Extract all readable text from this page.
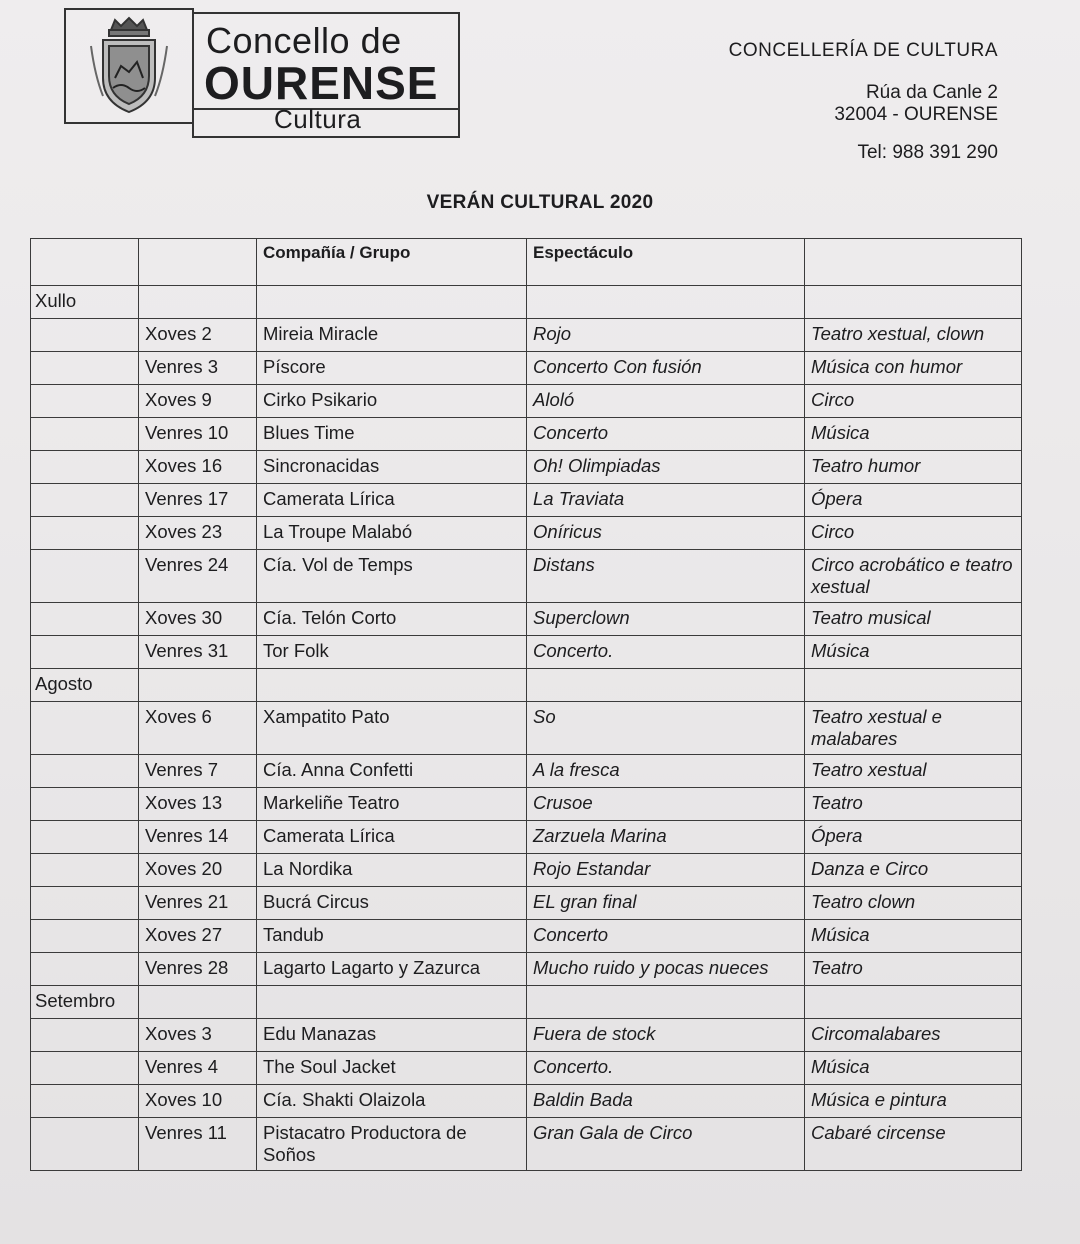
Concello de
OURENSE
Cultura
CONCELLERÍA DE CULTURA
Rúa da Canle 2
32004 - OURENSE
Tel: 988 391 290
VERÁN CULTURAL 2020
		Compañía / Grupo	Espectáculo	
Xullo				
	Xoves 2	Mireia Miracle	Rojo	Teatro xestual, clown
	Venres 3	Píscore	Concerto Con fusión	Música con humor
	Xoves 9	Cirko Psikario	Aloló	Circo
	Venres 10	Blues Time	Concerto	Música
	Xoves 16	Sincronacidas	Oh! Olimpiadas	Teatro humor
	Venres 17	Camerata Lírica	La Traviata	Ópera
	Xoves 23	La Troupe Malabó	Oníricus	Circo
	Venres 24	Cía. Vol de Temps	Distans	Circo acrobático e teatro xestual
	Xoves 30	Cía. Telón Corto	Superclown	Teatro musical
	Venres 31	Tor Folk	Concerto.	Música
Agosto				
	Xoves 6	Xampatito Pato	So	Teatro xestual e malabares
	Venres 7	Cía. Anna Confetti	A la fresca	Teatro xestual
	Xoves 13	Markeliñe Teatro	Crusoe	Teatro
	Venres 14	Camerata Lírica	Zarzuela Marina	Ópera
	Xoves 20	La Nordika	Rojo Estandar	Danza e Circo
	Venres 21	Bucrá Circus	EL gran final	Teatro clown
	Xoves 27	Tandub	Concerto	Música
	Venres 28	Lagarto Lagarto y Zazurca	Mucho ruido y pocas nueces	Teatro
Setembro				
	Xoves 3	Edu Manazas	Fuera de stock	Circomalabares
	Venres 4	The Soul Jacket	Concerto.	Música
	Xoves 10	Cía. Shakti Olaizola	Baldin Bada	Música e pintura
	Venres 11	Pistacatro Productora de Soños	Gran Gala de Circo	Cabaré circense
